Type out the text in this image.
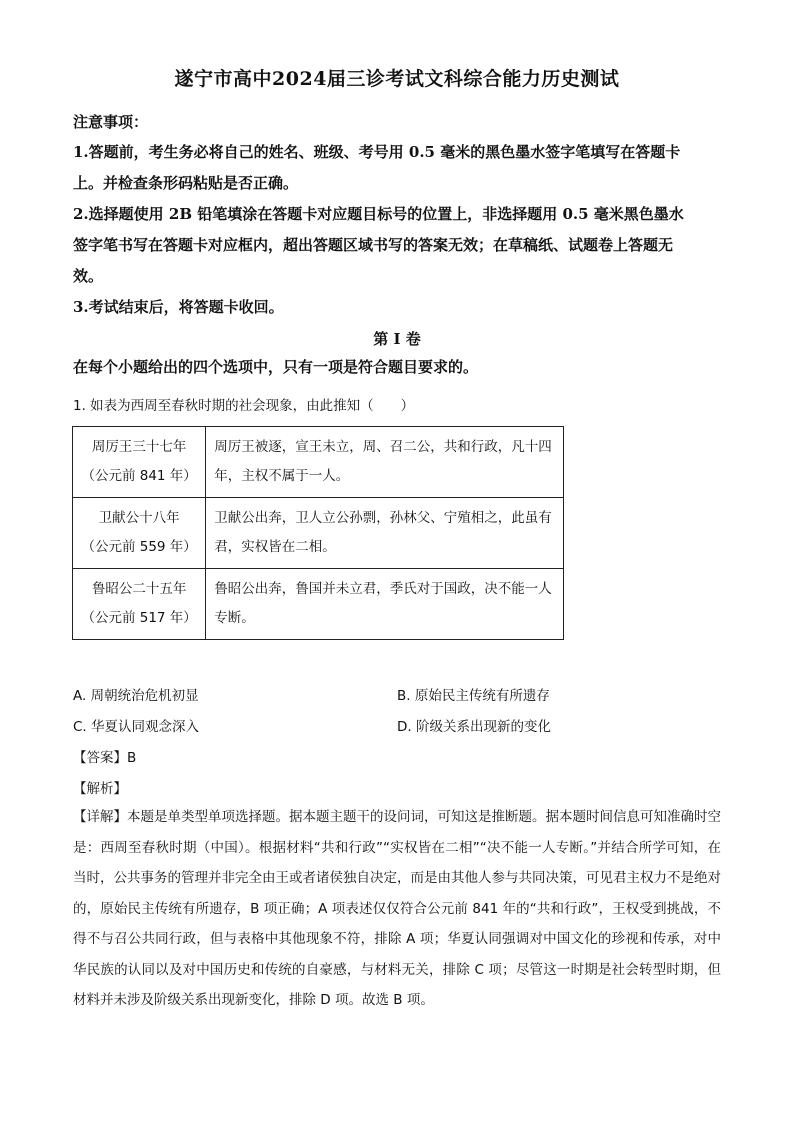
遂宁市高中2024届三诊考试文科综合能力历史测试
注意事项：
1.答题前，考生务必将自己的姓名、班级、考号用 0.5 毫米的黑色墨水签字笔填写在答题卡
上。并检查条形码粘贴是否正确。
2.选择题使用 2B 铅笔填涂在答题卡对应题目标号的位置上，非选择题用 0.5 毫米黑色墨水
签字笔书写在答题卡对应框内，超出答题区域书写的答案无效；在草稿纸、试题卷上答题无
效。
3.考试结束后，将答题卡收回。
第 I 卷
在每个小题给出的四个选项中，只有一项是符合题目要求的。
1. 如表为西周至春秋时期的社会现象，由此推知（　　）
周厉王三十七年
（公元前 841 年）	周厉王被逐，宣王未立，周、召二公，共和行政，凡十四年，主权不属于一人。

卫献公十八年
（公元前 559 年）	卫献公出奔，卫人立公孙剽，孙林父、宁殖相之，此虽有君，实权皆在二相。

鲁昭公二十五年
（公元前 517 年）	鲁昭公出奔，鲁国并未立君，季氏对于国政，决不能一人专断。
A. 周朝统治危机初显	B. 原始民主传统有所遗存
C. 华夏认同观念深入	D. 阶级关系出现新的变化
【答案】B
【解析】
【详解】本题是单类型单项选择题。据本题主题干的设问词，可知这是推断题。据本题时间信息可知准确时空是：西周至春秋时期（中国）。根据材料“共和行政”“实权皆在二相”“决不能一人专断。”并结合所学可知，在当时，公共事务的管理并非完全由王或者诸侯独自决定，而是由其他人参与共同决策，可见君主权力不是绝对的，原始民主传统有所遗存，B 项正确；A 项表述仅仅符合公元前 841 年的“共和行政”，王权受到挑战，不得不与召公共同行政，但与表格中其他现象不符，排除 A 项；华夏认同强调对中国文化的珍视和传承，对中华民族的认同以及对中国历史和传统的自豪感，与材料无关，排除 C 项；尽管这一时期是社会转型时期，但材料并未涉及阶级关系出现新变化，排除 D 项。故选 B 项。
